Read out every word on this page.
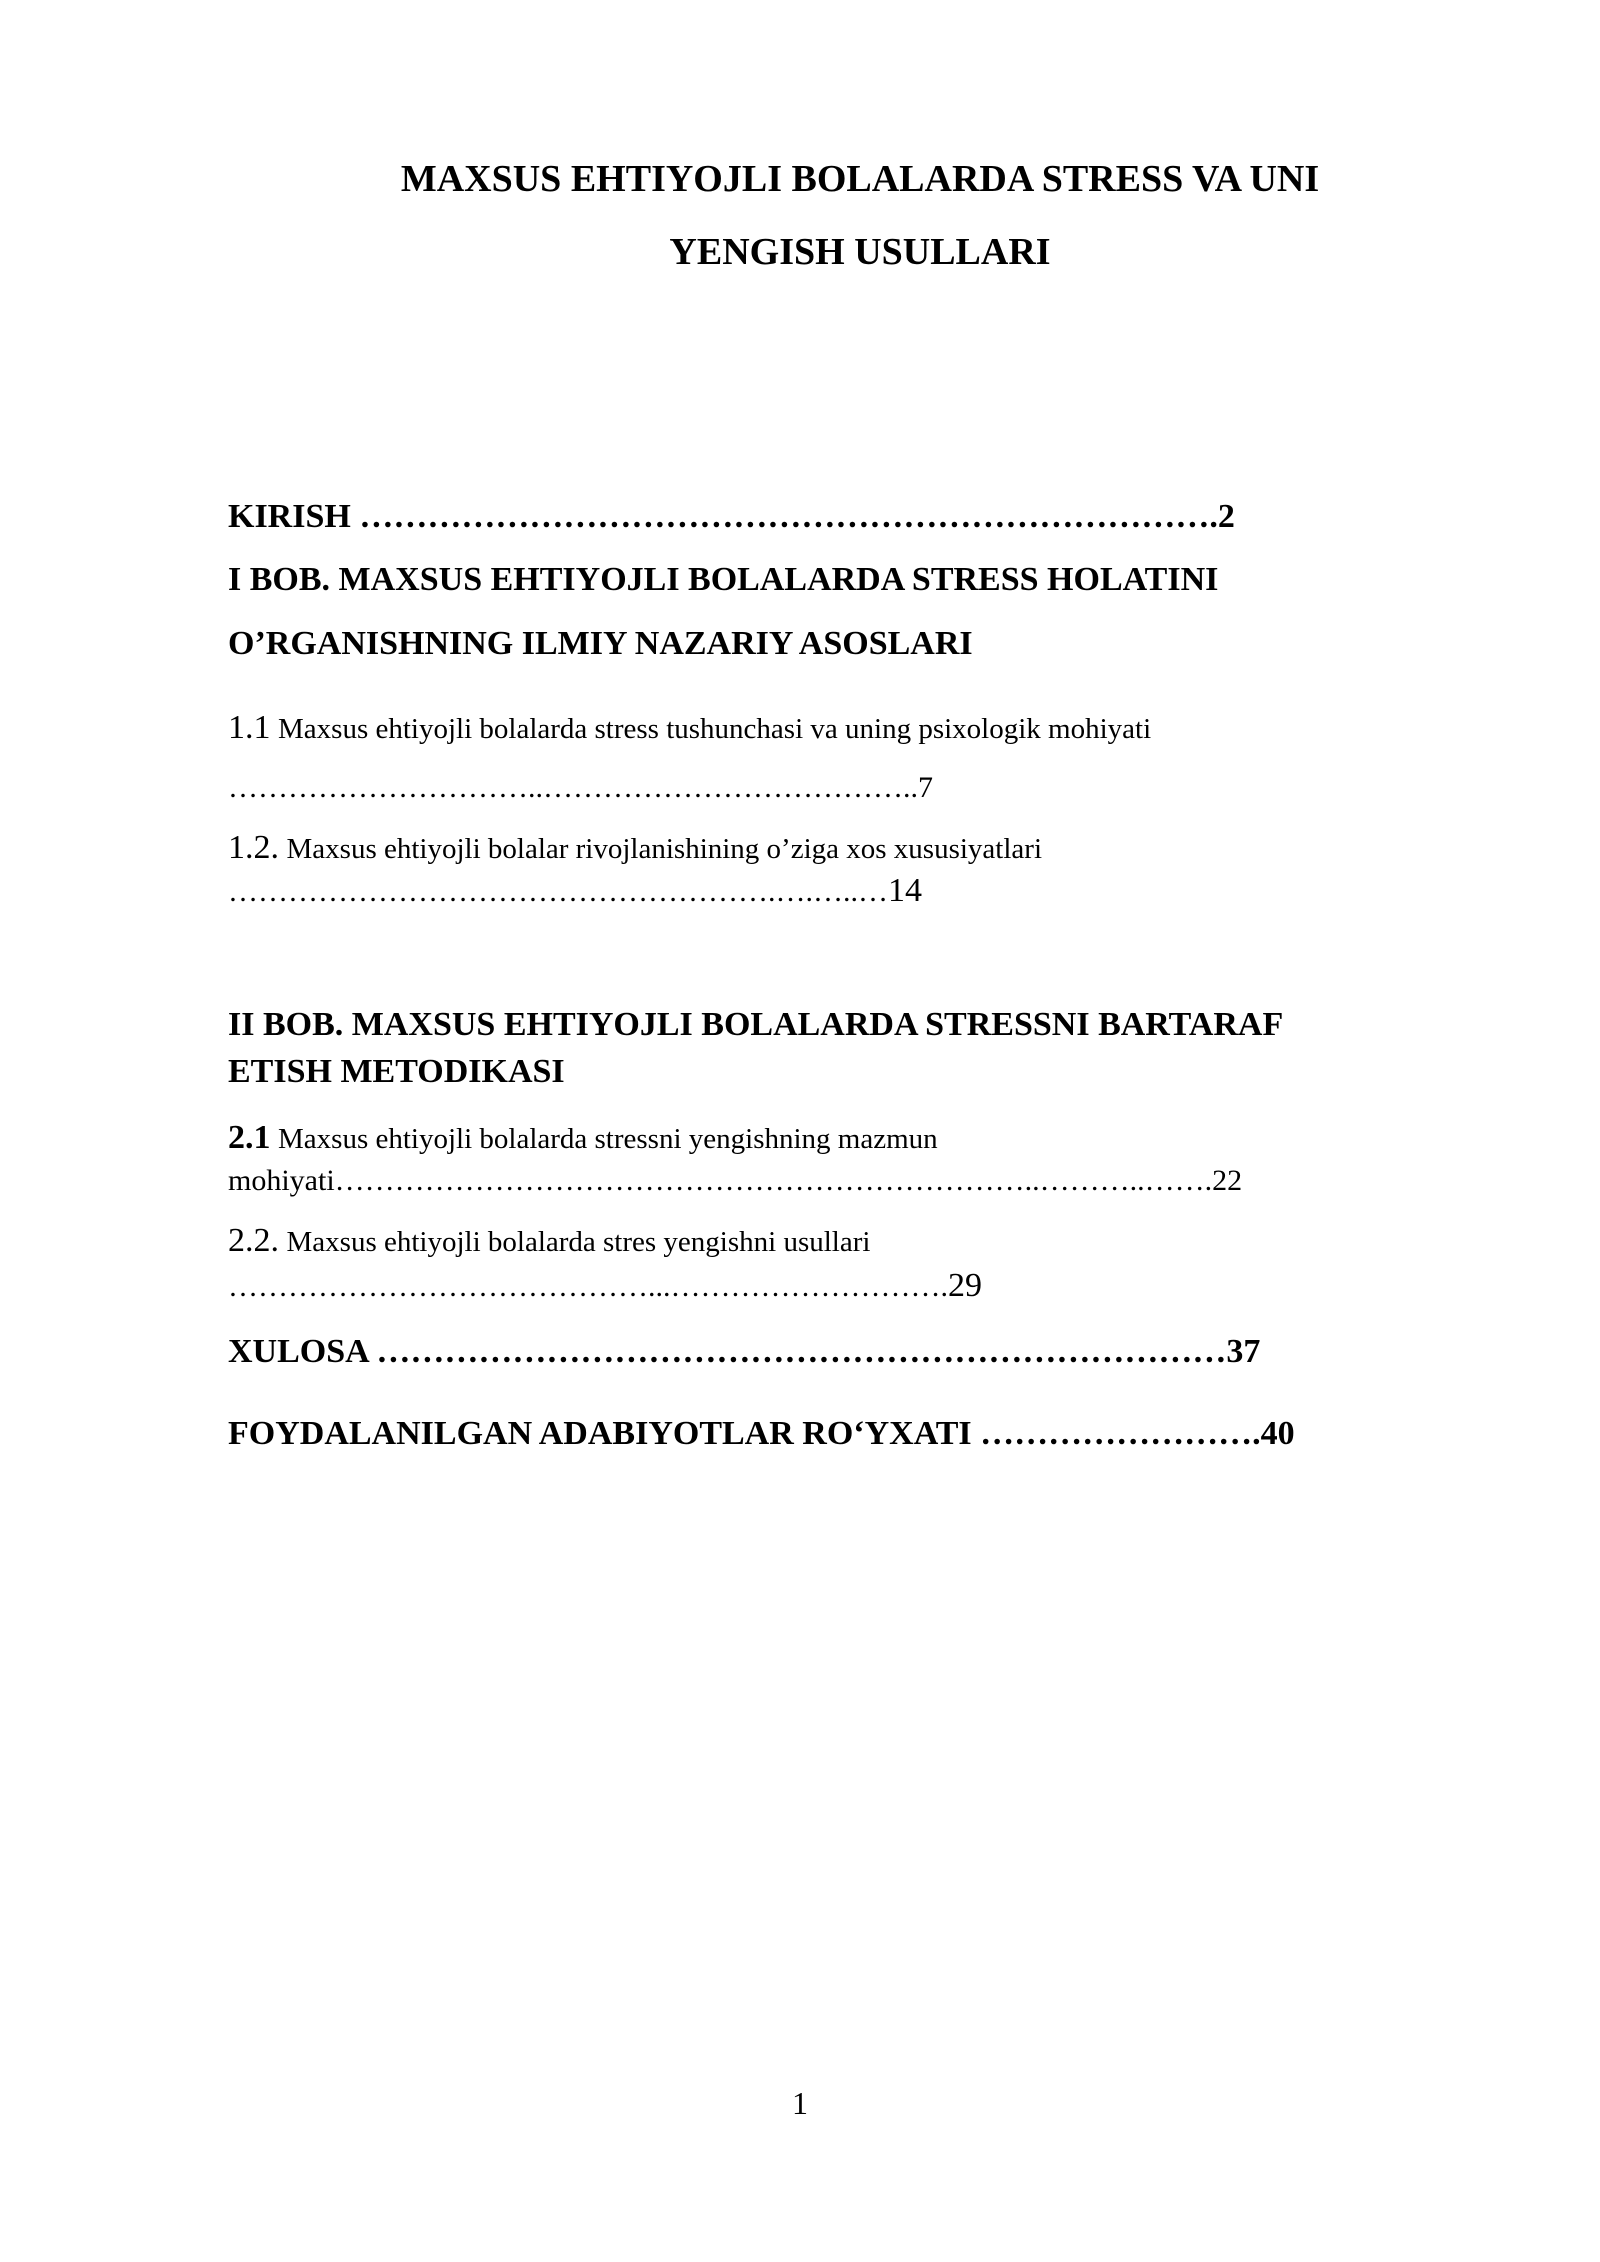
MAXSUS EHTIYOJLI BOLALARDA STRESS VA UNI
YENGISH USULLARI
KIRISH ………………………………………………………………….2
I BOB. MAXSUS EHTIYOJLI BOLALARDA STRESS HOLATINI
O’RGANISHNING ILMIY NAZARIY ASOSLARI
1.1 Maxsus ehtiyojli bolalarda stress tushunchasi va uning psixologik mohiyati
…………………………..………………………………..7
1.2. Maxsus ehtiyojli bolalar rivojlanishining o’ziga xos xususiyatlari
……………………………………………….….…..…14
II BOB. MAXSUS EHTIYOJLI BOLALARDA STRESSNI BARTARAF
ETISH METODIKASI
2.1 Maxsus ehtiyojli bolalarda stressni yengishning mazmun
mohiyati……………………………………………………………..………..…….22
2.2. Maxsus ehtiyojli bolalarda stres yengishni usullari
……………………………………...……………………….29
XULOSA …………………………………………………………………37
FOYDALANILGAN ADABIYOTLAR RO‘YXATI …………………….40
1
